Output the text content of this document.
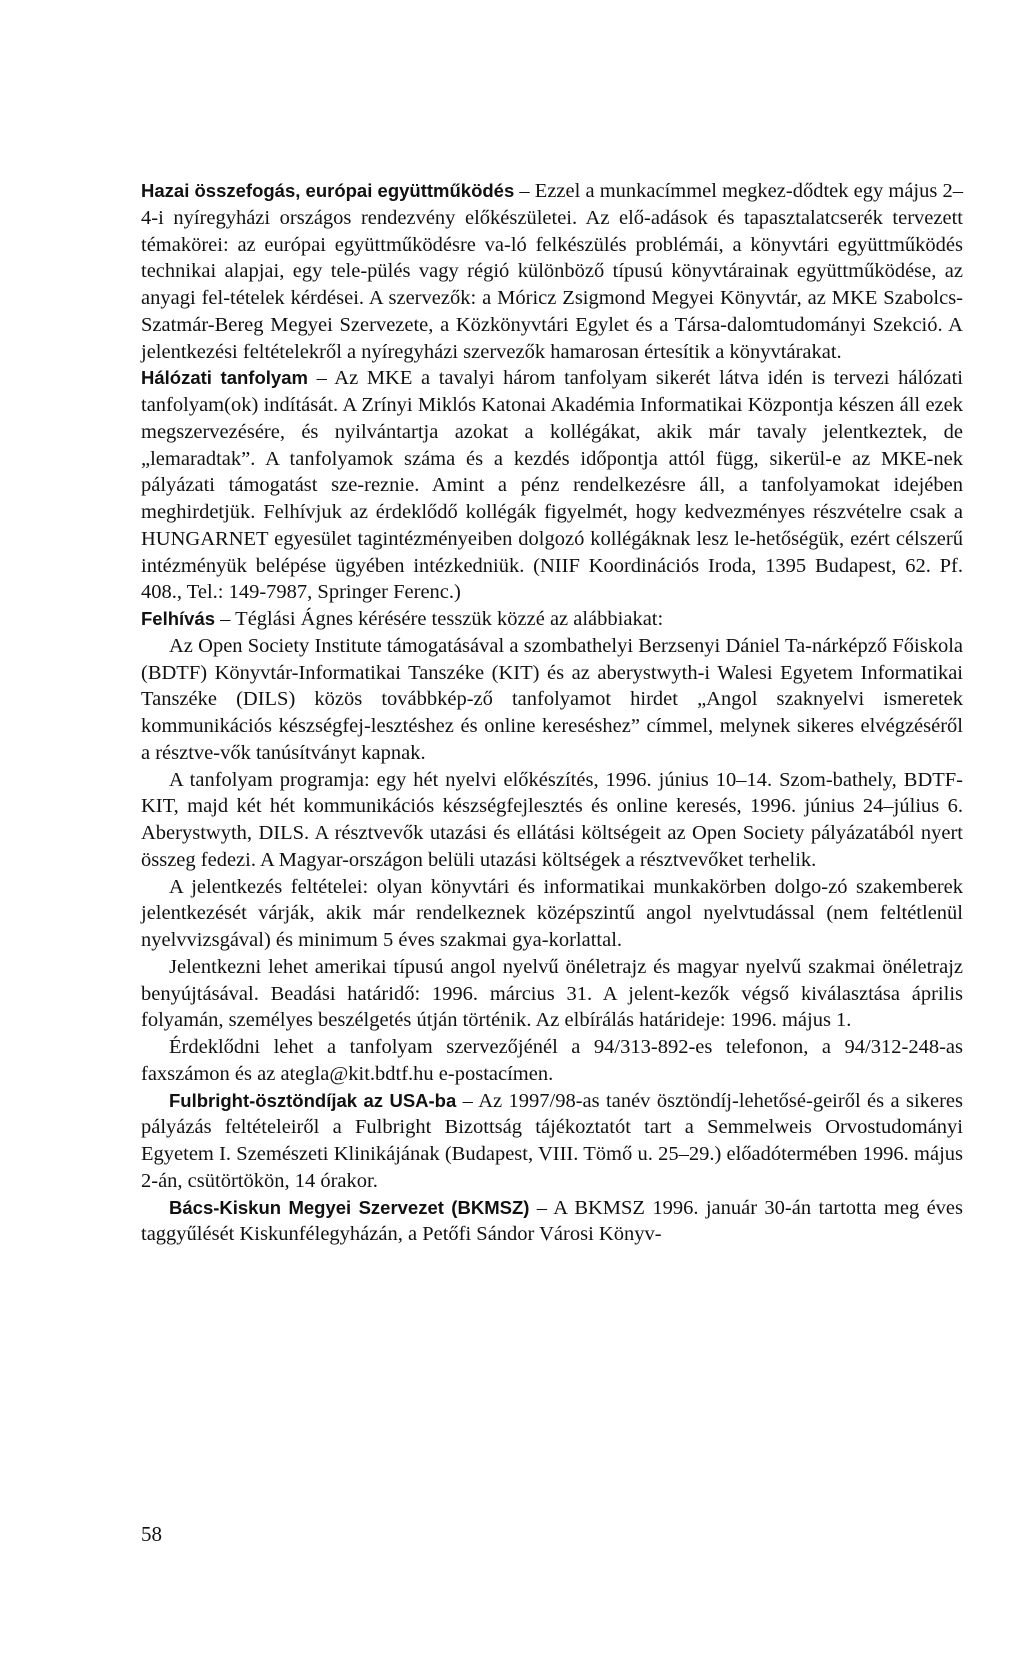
Hazai összefogás, európai együttműködés – Ezzel a munkacímmel megkez-dődtek egy május 2–4-i nyíregyházi országos rendezvény előkészületei. Az elő-adások és tapasztalatcserék tervezett témakörei: az európai együttműködésre va-ló felkészülés problémái, a könyvtári együttműködés technikai alapjai, egy tele-pülés vagy régió különböző típusú könyvtárainak együttműködése, az anyagi fel-tételek kérdései. A szervezők: a Móricz Zsigmond Megyei Könyvtár, az MKE Szabolcs-Szatmár-Bereg Megyei Szervezete, a Közkönyvtári Egylet és a Társa-dalomtudományi Szekció. A jelentkezési feltételekről a nyíregyházi szervezők hamarosan értesítik a könyvtárakat.

Hálózati tanfolyam – Az MKE a tavalyi három tanfolyam sikerét látva idén is tervezi hálózati tanfolyam(ok) indítását. A Zrínyi Miklós Katonai Akadémia Informatikai Központja készen áll ezek megszervezésére, és nyilvántartja azokat a kollégákat, akik már tavaly jelentkeztek, de „lemaradtak”. A tanfolyamok száma és a kezdés időpontja attól függ, sikerül-e az MKE-nek pályázati támogatást sze-reznie. Amint a pénz rendelkezésre áll, a tanfolyamokat idejében meghirdetjük. Felhívjuk az érdeklődő kollégák figyelmét, hogy kedvezményes részvételre csak a HUNGARNET egyesület tagintézményeiben dolgozó kollégáknak lesz le-hetőségük, ezért célszerű intézményük belépése ügyében intézkedniük. (NIIF Koordinációs Iroda, 1395 Budapest, 62. Pf. 408., Tel.: 149-7987, Springer Ferenc.)

Felhívás – Téglási Ágnes kérésére tesszük közzé az alábbiakat:

Az Open Society Institute támogatásával a szombathelyi Berzsenyi Dániel Ta-nárképző Főiskola (BDTF) Könyvtár-Informatikai Tanszéke (KIT) és az aberystwyth-i Walesi Egyetem Informatikai Tanszéke (DILS) közös továbbkép-ző tanfolyamot hirdet „Angol szaknyelvi ismeretek kommunikációs készségfej-lesztéshez és online kereséshez” címmel, melynek sikeres elvégzéséről a résztve-vők tanúsítványt kapnak.

A tanfolyam programja: egy hét nyelvi előkészítés, 1996. június 10–14. Szom-bathely, BDTF-KIT, majd két hét kommunikációs készségfejlesztés és online keresés, 1996. június 24–július 6. Aberystwyth, DILS. A résztvevők utazási és ellátási költségeit az Open Society pályázatából nyert összeg fedezi. A Magyar-országon belüli utazási költségek a résztvevőket terhelik.

A jelentkezés feltételei: olyan könyvtári és informatikai munkakörben dolgo-zó szakemberek jelentkezését várják, akik már rendelkeznek középszintű angol nyelvtudással (nem feltétlenül nyelvvizsgával) és minimum 5 éves szakmai gya-korlattal.

Jelentkezni lehet amerikai típusú angol nyelvű önéletrajz és magyar nyelvű szakmai önéletrajz benyújtásával. Beadási határidő: 1996. március 31. A jelent-kezők végső kiválasztása április folyamán, személyes beszélgetés útján történik. Az elbírálás határideje: 1996. május 1.

Érdeklődni lehet a tanfolyam szervezőjénél a 94/313-892-es telefonon, a 94/312-248-as faxszámon és az ategla@kit.bdtf.hu e-postacímen.

Fulbright-ösztöndíjak az USA-ba – Az 1997/98-as tanév ösztöndíj-lehetősé-geiről és a sikeres pályázás feltételeiről a Fulbright Bizottság tájékoztatót tart a Semmelweis Orvostudományi Egyetem I. Szemészeti Klinikájának (Budapest, VIII. Tömő u. 25–29.) előadótermében 1996. május 2-án, csütörtökön, 14 órakor.

Bács-Kiskun Megyei Szervezet (BKMSZ) – A BKMSZ 1996. január 30-án tartotta meg éves taggyűlését Kiskunfélegyházán, a Petőfi Sándor Városi Könyv-

58
